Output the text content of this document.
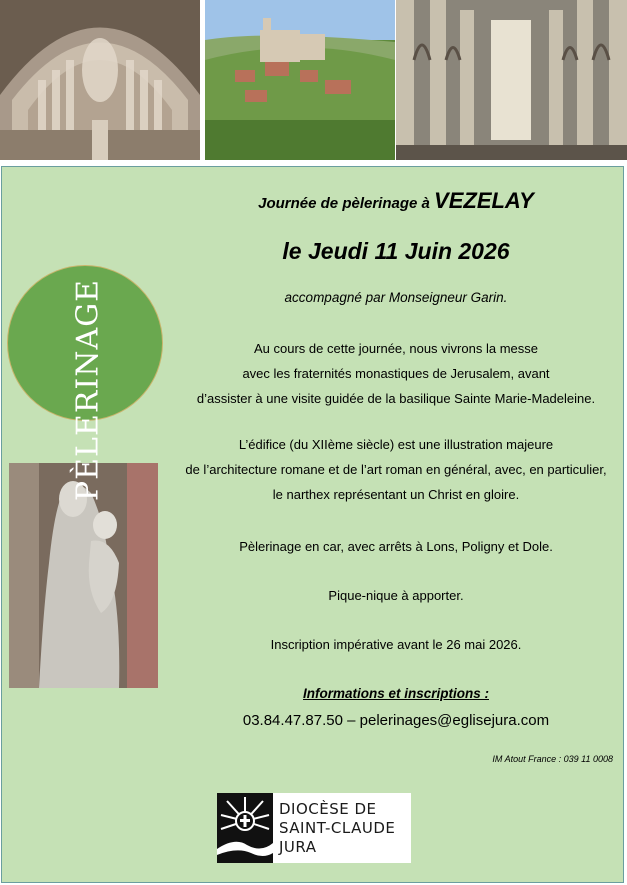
PÈLERINAGE
Journée de pèlerinage à VEZELAY
le Jeudi 11 Juin 2026
accompagné par Monseigneur Garin.
Au cours de cette journée, nous vivrons la messe
avec les fraternités monastiques de Jerusalem, avant
d’assister à une visite guidée de la basilique Sainte Marie-Madeleine.
L’édifice (du XIIème siècle) est une illustration majeure
de l’architecture romane et de l’art roman en général, avec, en particulier,
le narthex représentant un Christ en gloire.
Pèlerinage en car, avec arrêts à Lons, Poligny et Dole.
Pique-nique à apporter.
Inscription impérative avant le 26 mai 2026.
Informations et inscriptions :
03.84.47.87.50 – pelerinages@eglisejura.com
IM Atout France : 039 11 0008
DIOCÈSE DE
SAINT-CLAUDE
JURA
